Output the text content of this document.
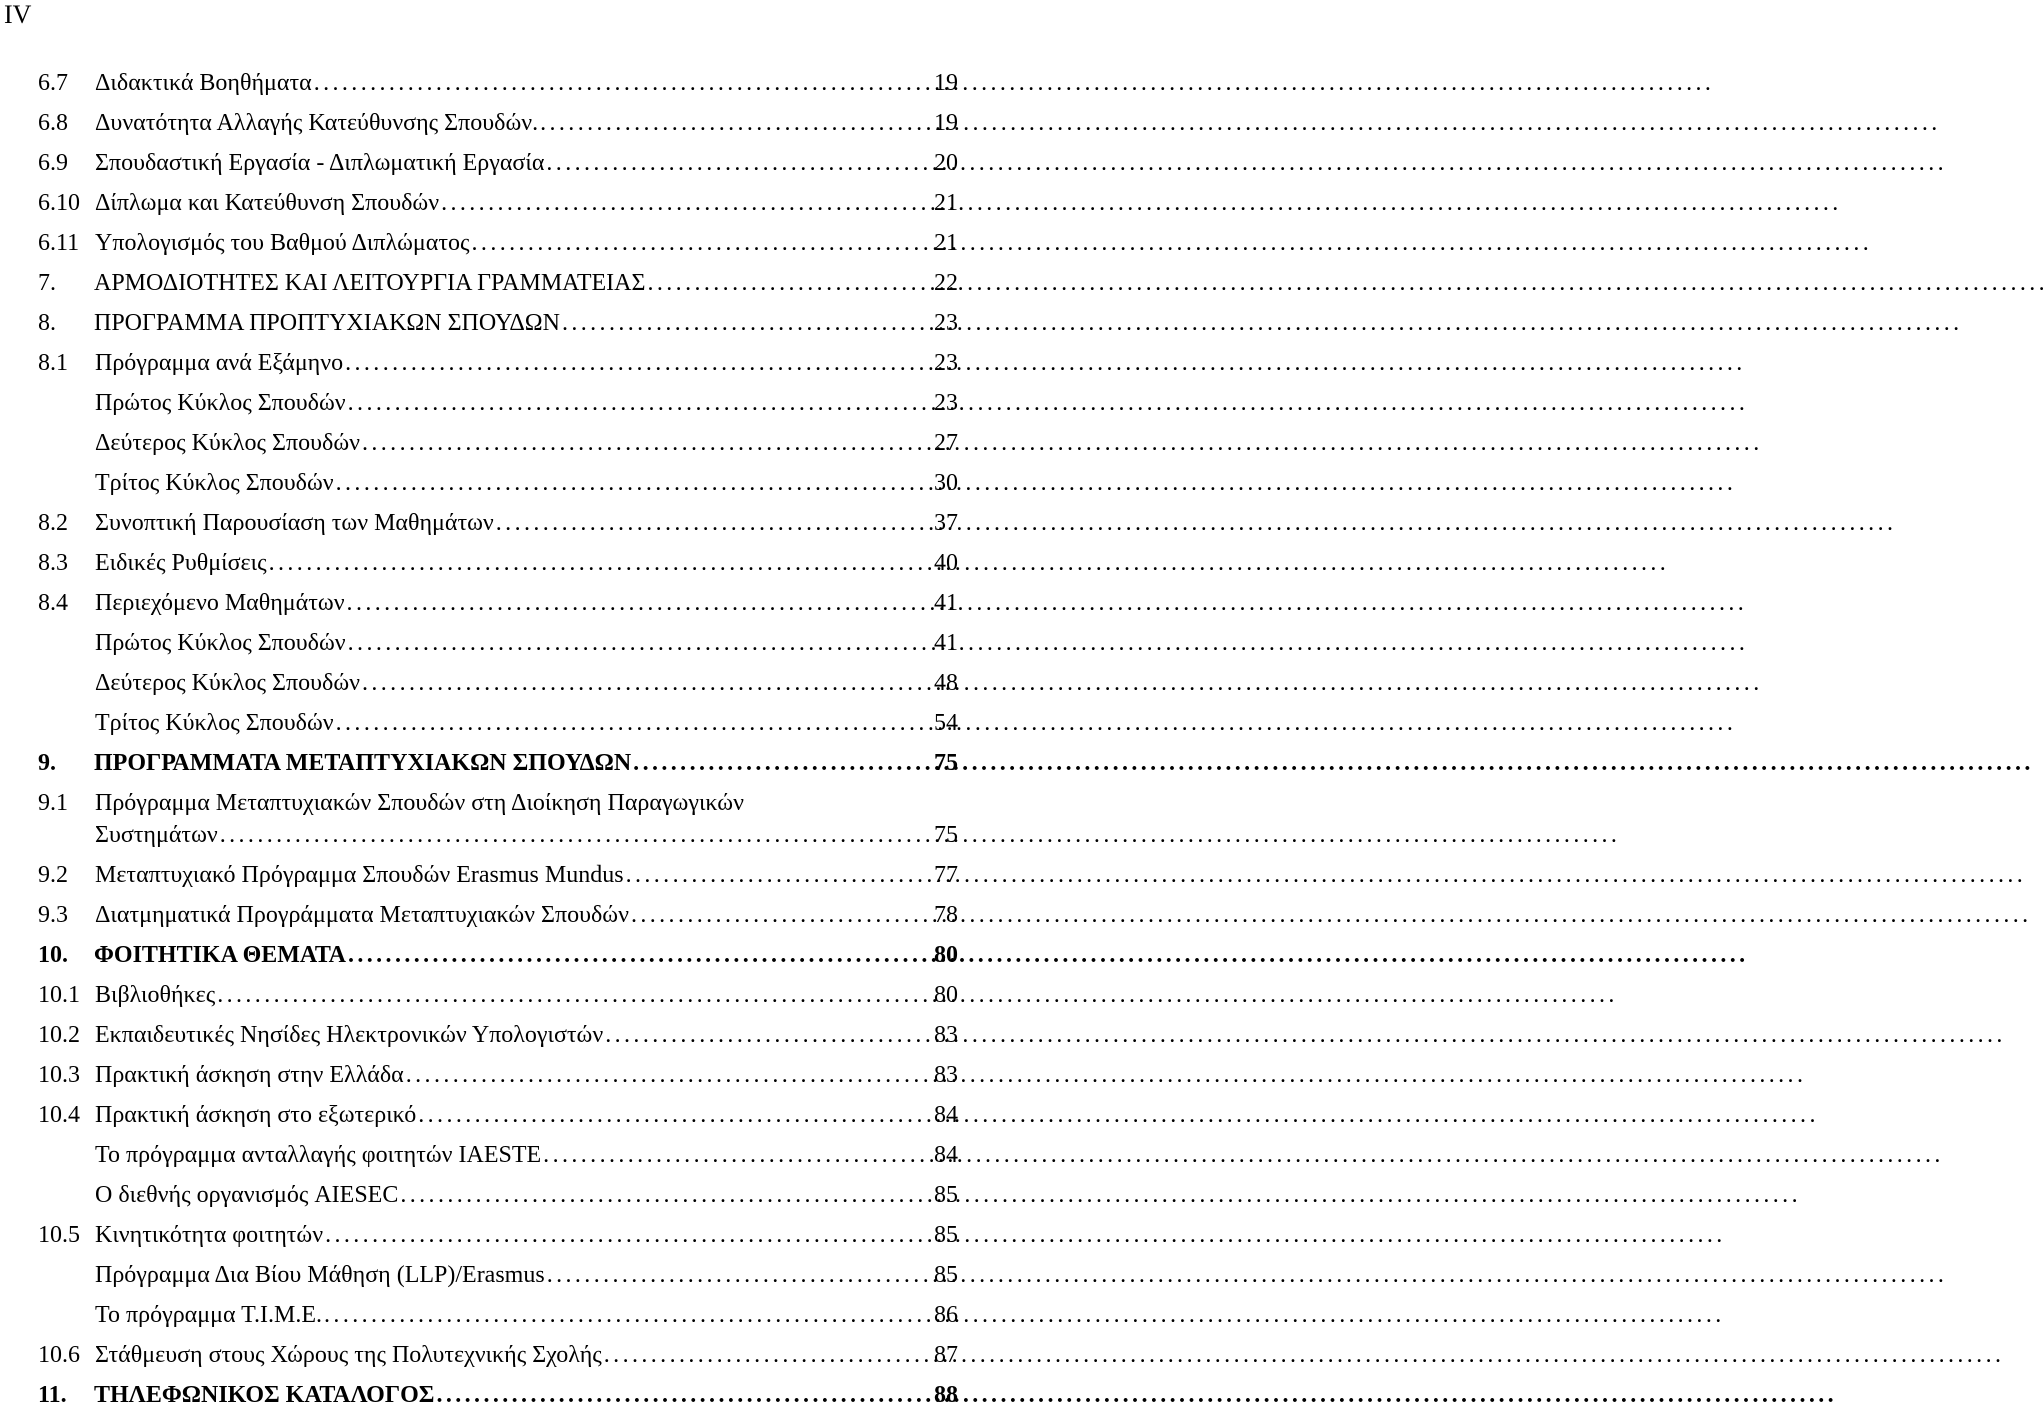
IV
6.7	Διδακτικά Βοηθήματα . . .	19
6.8	Δυνατότητα Αλλαγής Κατεύθυνσης Σπουδών. . . .	19
6.9	Σπουδαστική Εργασία - Διπλωματική Εργασία . . .	20
6.10 Δίπλωμα και Κατεύθυνση Σπουδών . . .	21
6.11 Υπολογισμός του Βαθμού Διπλώματος . . .	21
7.	ΑΡΜΟΔΙΟΤΗΤΕΣ ΚΑΙ ΛΕΙΤΟΥΡΓΙΑ ΓΡΑΜΜΑΤΕΙΑΣ . . .	22
8.	ΠΡΟΓΡΑΜΜΑ ΠΡΟΠΤΥΧΙΑΚΩΝ ΣΠΟΥΔΩΝ . . .	23
8.1	Πρόγραμμα ανά Εξάμηνο . . .	23
Πρώτος Κύκλος Σπουδών . . .	23
Δεύτερος Κύκλος Σπουδών . . .	27
Τρίτος Κύκλος Σπουδών . . .	30
8.2	Συνοπτική Παρουσίαση των Μαθημάτων . . .	37
8.3	Ειδικές Ρυθμίσεις . . .	40
8.4	Περιεχόμενο Μαθημάτων . . .	41
Πρώτος Κύκλος Σπουδών . . .	41
Δεύτερος Κύκλος Σπουδών . . .	48
Τρίτος Κύκλος Σπουδών . . .	54
9.	ΠΡΟΓΡΑΜΜΑΤΑ ΜΕΤΑΠΤΥΧΙΑΚΩΝ ΣΠΟΥΔΩΝ . . .	75
9.1	Πρόγραμμα Μεταπτυχιακών Σπουδών στη Διοίκηση Παραγωγικών
Συστημάτων . . .	75
9.2	Μεταπτυχιακό Πρόγραμμα Σπουδών Erasmus Mundus . . .	77
9.3	Διατμηματικά Προγράμματα Μεταπτυχιακών Σπουδών . . .	78
10.	ΦΟΙΤΗΤΙΚΑ ΘΕΜΑΤΑ . . .	80
10.1 Βιβλιοθήκες . . .	80
10.2 Εκπαιδευτικές Νησίδες Ηλεκτρονικών Υπολογιστών . . .	83
10.3 Πρακτική άσκηση στην Ελλάδα . . .	83
10.4 Πρακτική άσκηση στο εξωτερικό . . .	84
Το πρόγραμμα ανταλλαγής φοιτητών IAESTE . . .	84
Ο διεθνής οργανισμός AIESEC . . .	85
10.5 Κινητικότητα φοιτητών . . .	85
Πρόγραμμα Δια Βίου Μάθηση (LLP)/Erasmus . . .	85
Το πρόγραμμα Τ.Ι.Μ.Ε. . . .	86
10.6 Στάθμευση στους Χώρους της Πολυτεχνικής Σχολής . . .	87
11.	ΤΗΛΕΦΩΝΙΚΟΣ ΚΑΤΑΛΟΓΟΣ . . .	88
